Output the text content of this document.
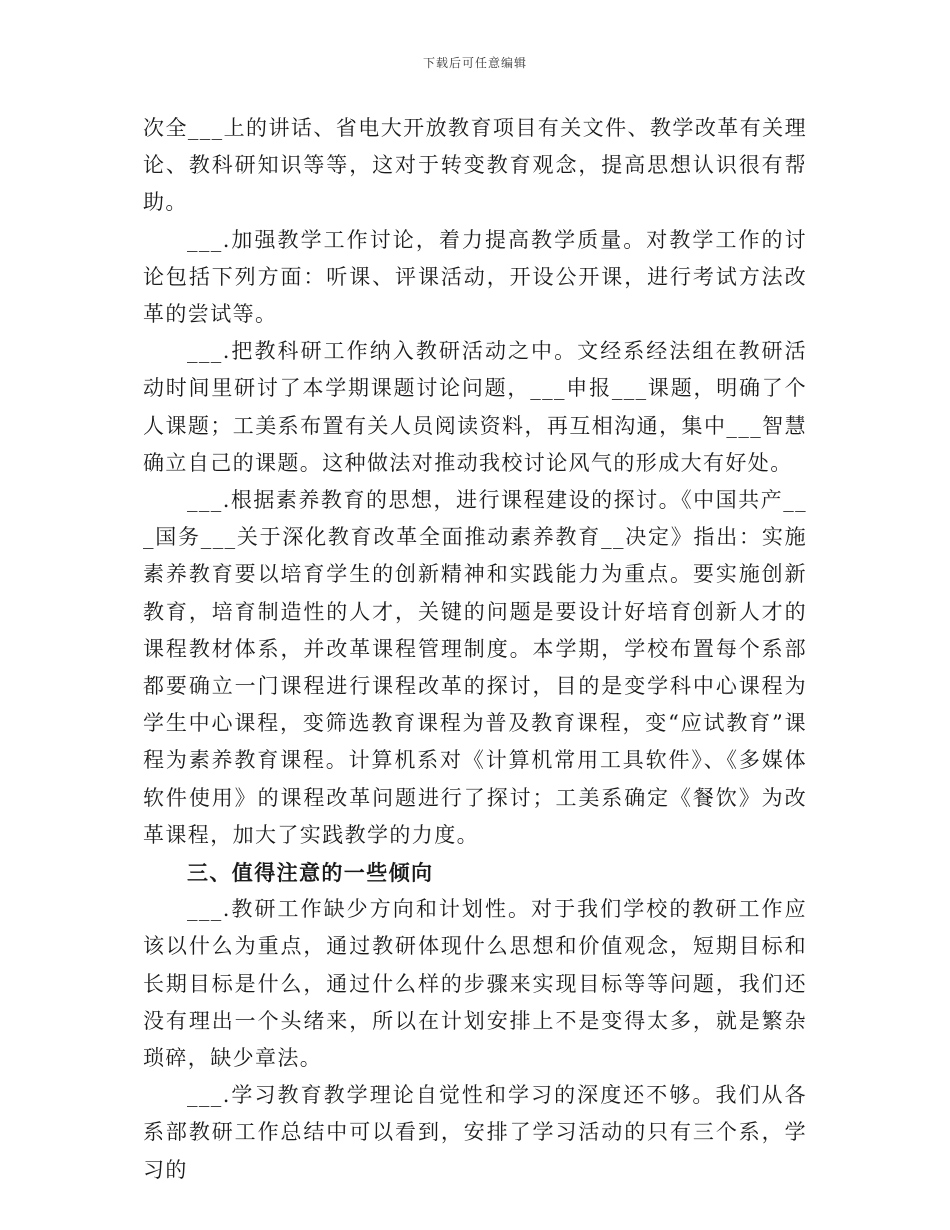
下载后可任意编辑

次全___上的讲话、省电大开放教育项目有关文件、教学改革有关理论、教科研知识等等，这对于转变教育观念，提高思想认识很有帮助。

___.加强教学工作讨论，着力提高教学质量。对教学工作的讨论包括下列方面：听课、评课活动，开设公开课，进行考试方法改革的尝试等。

___.把教科研工作纳入教研活动之中。文经系经法组在教研活动时间里研讨了本学期课题讨论问题，___申报___课题，明确了个人课题；工美系布置有关人员阅读资料，再互相沟通，集中___智慧确立自己的课题。这种做法对推动我校讨论风气的形成大有好处。

___.根据素养教育的思想，进行课程建设的探讨。《中国共产___国务___关于深化教育改革全面推动素养教育__决定》指出：实施素养教育要以培育学生的创新精神和实践能力为重点。要实施创新教育，培育制造性的人才，关键的问题是要设计好培育创新人才的课程教材体系，并改革课程管理制度。本学期，学校布置每个系部都要确立一门课程进行课程改革的探讨，目的是变学科中心课程为学生中心课程，变筛选教育课程为普及教育课程，变“应试教育”课程为素养教育课程。计算机系对《计算机常用工具软件》、《多媒体软件使用》的课程改革问题进行了探讨；工美系确定《餐饮》为改革课程，加大了实践教学的力度。

三、值得注意的一些倾向

___.教研工作缺少方向和计划性。对于我们学校的教研工作应该以什么为重点，通过教研体现什么思想和价值观念，短期目标和长期目标是什么，通过什么样的步骤来实现目标等等问题，我们还没有理出一个头绪来，所以在计划安排上不是变得太多，就是繁杂琐碎，缺少章法。

___.学习教育教学理论自觉性和学习的深度还不够。我们从各系部教研工作总结中可以看到，安排了学习活动的只有三个系，学习的
